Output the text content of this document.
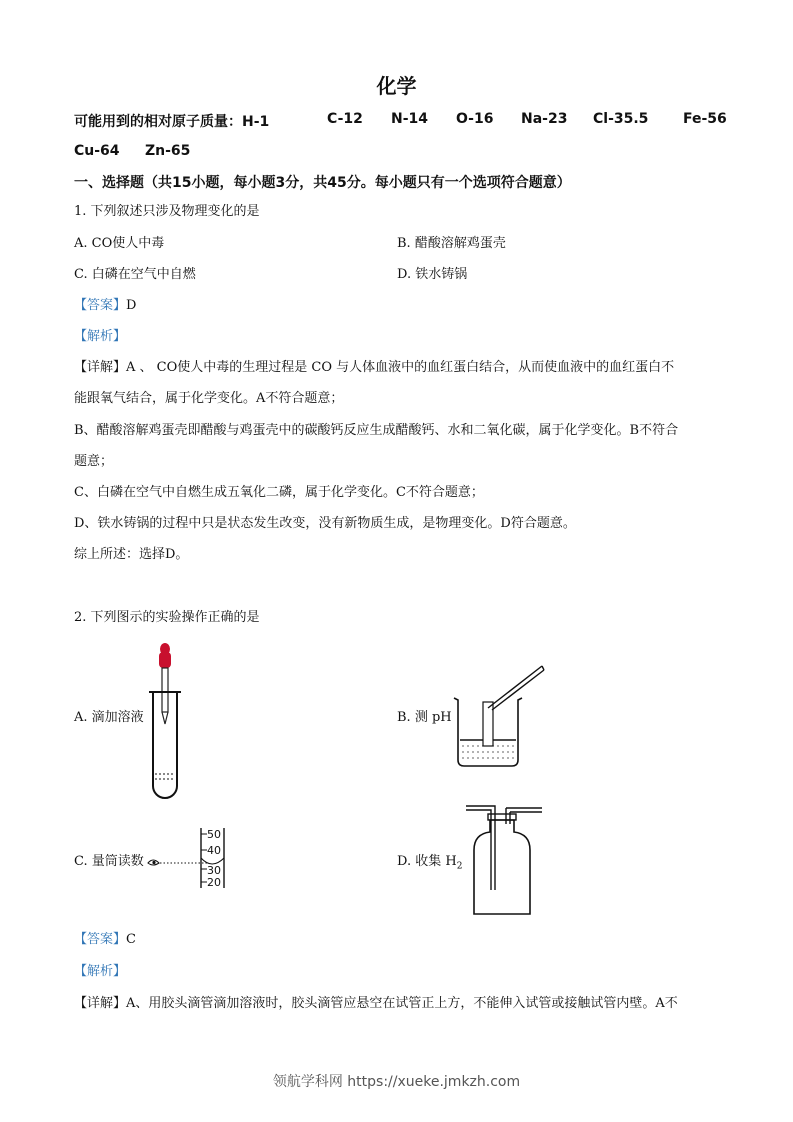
化学
可能用到的相对原子质量：H-1	C-12 N-14 O-16 Na-23 Cl-35.5 Fe-56
Cu-64 Zn-65
一、选择题（共15小题，每小题3分，共45分。每小题只有一个选项符合题意）
1. 下列叙述只涉及物理变化的是
A. CO使人中毒	B. 醋酸溶解鸡蛋壳
C. 白磷在空气中自燃	D. 铁水铸锅
【答案】D
【解析】
【详解】A 、 CO使人中毒的生理过程是 CO 与人体血液中的血红蛋白结合，从而使血液中的血红蛋白不
能跟氧气结合，属于化学变化。A不符合题意；
B、醋酸溶解鸡蛋壳即醋酸与鸡蛋壳中的碳酸钙反应生成醋酸钙、水和二氧化碳，属于化学变化。B不符合
题意；
C、白磷在空气中自燃生成五氧化二磷，属于化学变化。C不符合题意；
D、铁水铸锅的过程中只是状态发生改变，没有新物质生成，是物理变化。D符合题意。
综上所述：选择D。
2. 下列图示的实验操作正确的是
A. 滴加溶液	B. 测 pH
C. 量筒读数
50
40
30
20
D. 收集 $H_2$
【答案】C
【解析】
【详解】A、用胶头滴管滴加溶液时，胶头滴管应悬空在试管正上方，不能伸入试管或接触试管内壁。A不
领航学科网 https://xueke.jmkzh.com
